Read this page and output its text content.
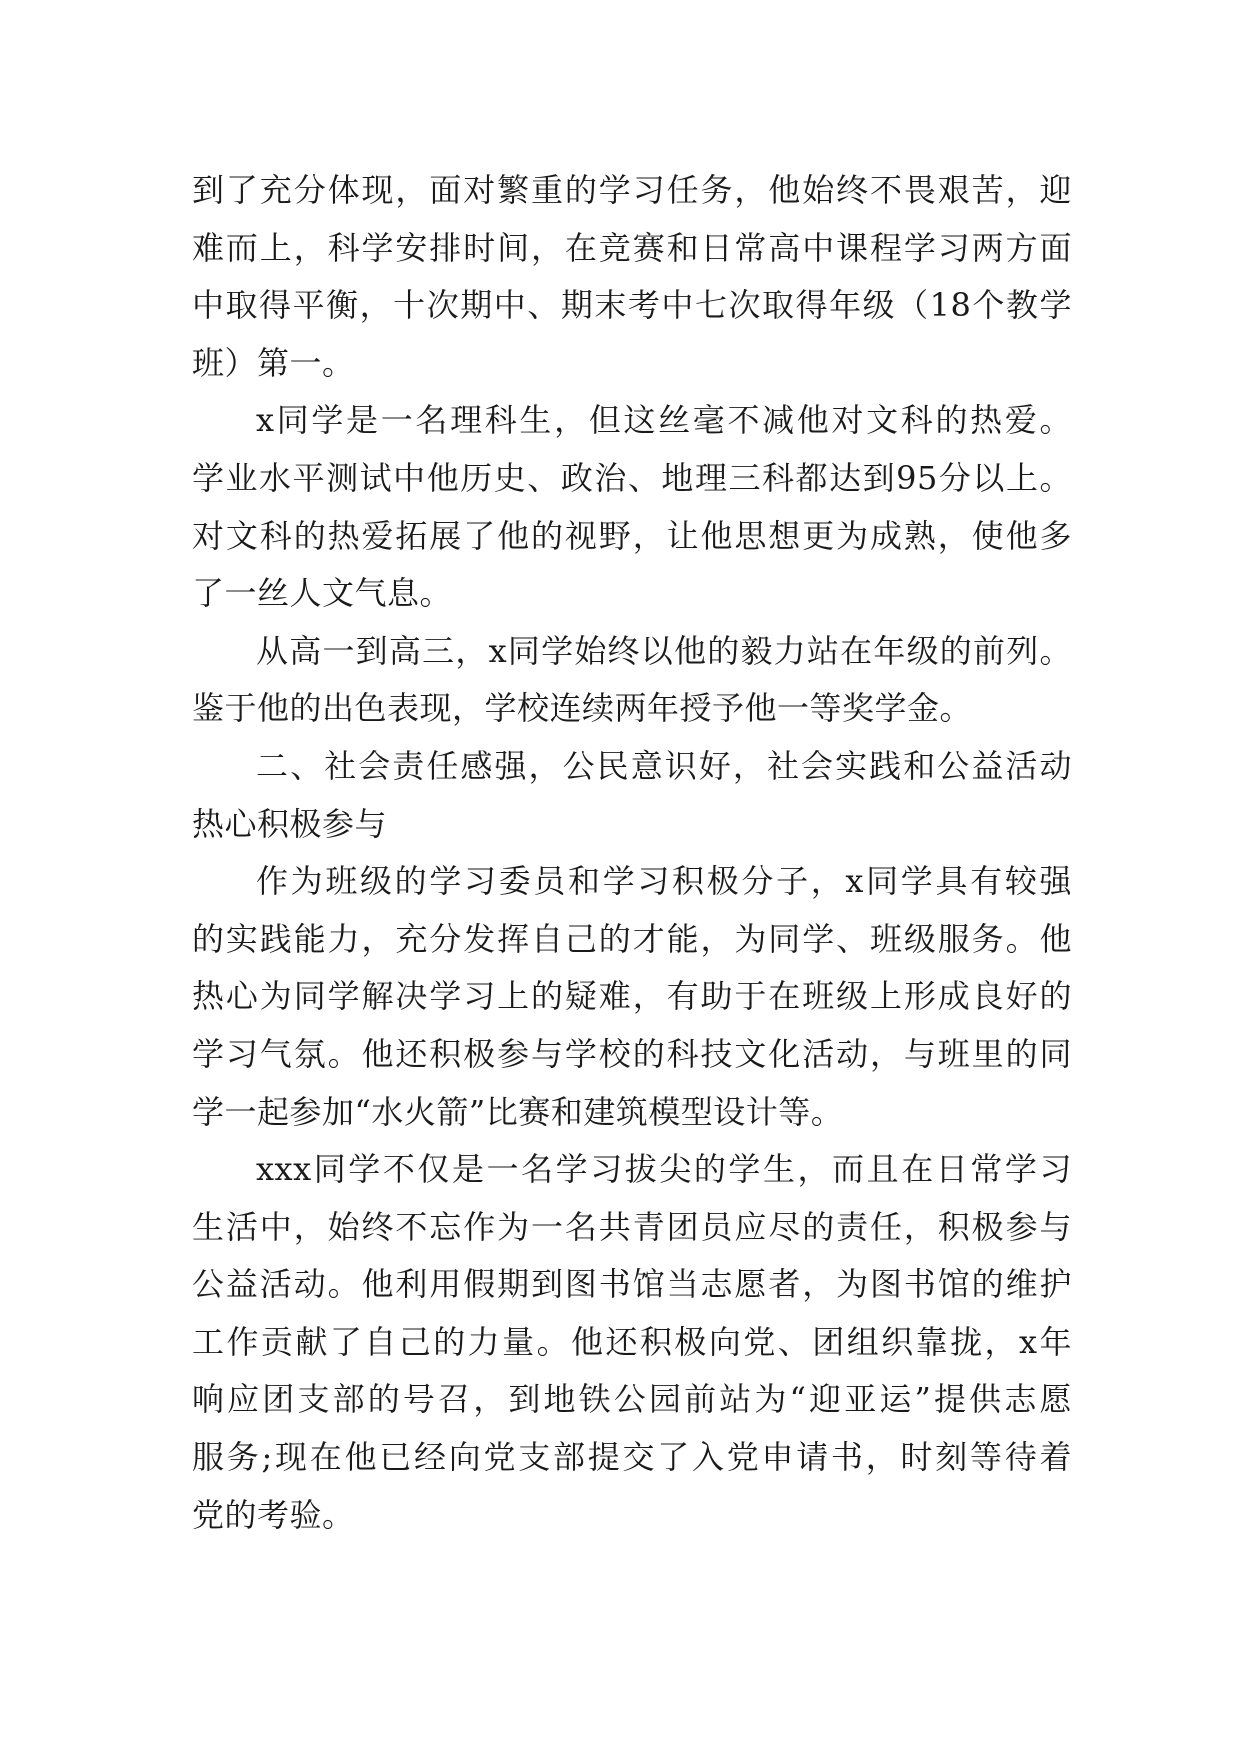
到了充分体现，面对繁重的学习任务，他始终不畏艰苦，迎
难而上，科学安排时间，在竞赛和日常高中课程学习两方面
中取得平衡，十次期中、期末考中七次取得年级（18个教学
班）第一。
x同学是一名理科生，但这丝毫不减他对文科的热爱。
学业水平测试中他历史、政治、地理三科都达到95分以上。
对文科的热爱拓展了他的视野，让他思想更为成熟，使他多
了一丝人文气息。
从高一到高三，x同学始终以他的毅力站在年级的前列。
鉴于他的出色表现，学校连续两年授予他一等奖学金。
二、社会责任感强，公民意识好，社会实践和公益活动
热心积极参与
作为班级的学习委员和学习积极分子，x同学具有较强
的实践能力，充分发挥自己的才能，为同学、班级服务。他
热心为同学解决学习上的疑难，有助于在班级上形成良好的
学习气氛。他还积极参与学校的科技文化活动，与班里的同
学一起参加“水火箭”比赛和建筑模型设计等。
xxx同学不仅是一名学习拔尖的学生，而且在日常学习
生活中，始终不忘作为一名共青团员应尽的责任，积极参与
公益活动。他利用假期到图书馆当志愿者，为图书馆的维护
工作贡献了自己的力量。他还积极向党、团组织靠拢，x年
响应团支部的号召，到地铁公园前站为“迎亚运”提供志愿
服务;现在他已经向党支部提交了入党申请书，时刻等待着
党的考验。
